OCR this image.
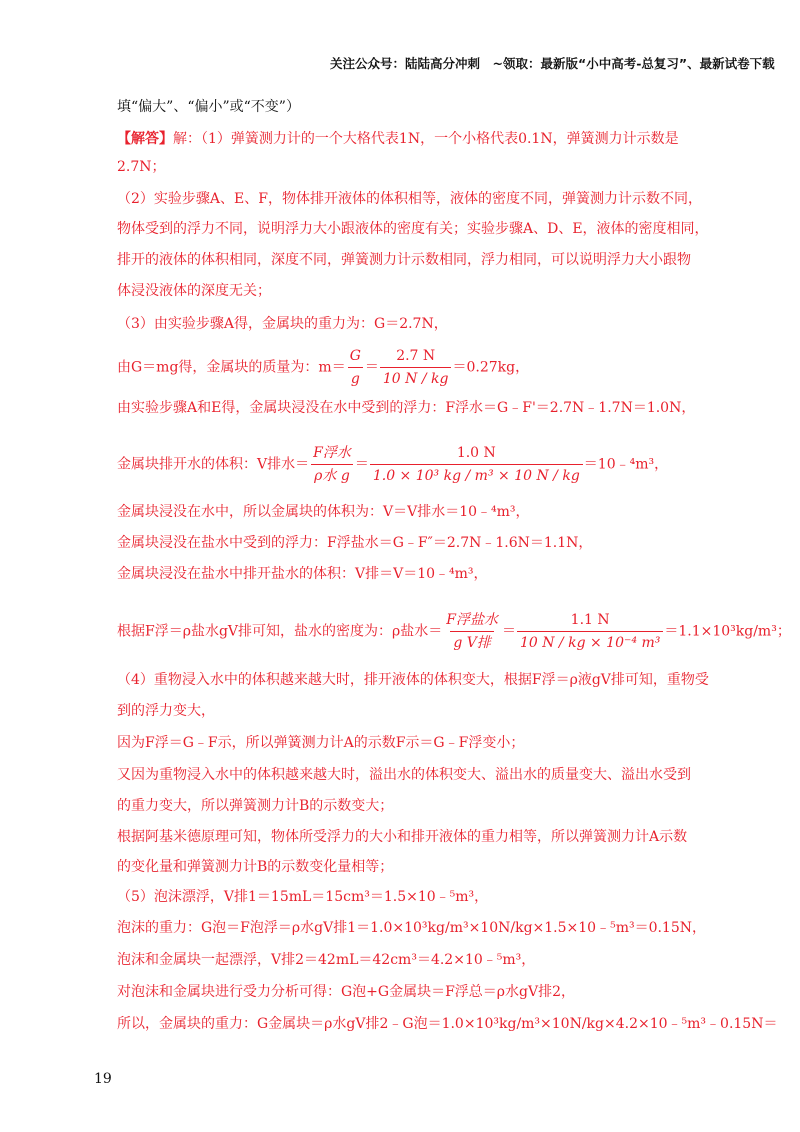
关注公众号：陆陆高分冲刺　~领取：最新版“小中高考-总复习”、最新试卷下载
填“偏大”、“偏小”或“不变”）
【解答】解：（1）弹簧测力计的一个大格代表1N，一个小格代表0.1N，弹簧测力计示数是
2.7N；
（2）实验步骤A、E、F，物体排开液体的体积相等，液体的密度不同，弹簧测力计示数不同，
物体受到的浮力不同，说明浮力大小跟液体的密度有关；实验步骤A、D、E，液体的密度相同，
排开的液体的体积相同，深度不同，弹簧测力计示数相同，浮力相同，可以说明浮力大小跟物
体浸没液体的深度无关；
（3）由实验步骤A得，金属块的重力为：G＝2.7N，
由G＝mg得，金属块的质量为：$m= \frac{G}{g} = \frac{2.7 N}{10 N / kg} =0.27kg$，
由实验步骤A和E得，金属块浸没在水中受到的浮力：F浮水＝G﹣F'＝2.7N﹣1.7N＝1.0N，
金属块排开水的体积：V排水＝ $\frac{\text{F浮水}}{\text{ρ水 g}} = \frac{1.0 N}{\text{1.0 × 10³ kg / m³ × 10 N / kg}}$ ＝10﹣⁴m³，
金属块浸没在水中，所以金属块的体积为：V＝V排水＝10﹣⁴m³，
金属块浸没在盐水中受到的浮力：F浮盐水＝G﹣F″＝2.7N﹣1.6N＝1.1N，
金属块浸没在盐水中排开盐水的体积：V排＝V＝10﹣⁴m³，
根据F浮＝ρ盐水gV排可知，盐水的密度为：ρ盐水＝ $\frac{\text{F浮盐水}}{\text{g V排}} = \frac{1.1 N}{\text{10 N / kg × 10⁻⁴ m³}} =1.1\times 10^3kg/m^3$；
（4）重物浸入水中的体积越来越大时，排开液体的体积变大，根据F浮＝ρ液gV排可知，重物受
到的浮力变大，
因为F浮＝G﹣F示，所以弹簧测力计A的示数F示＝G﹣F浮变小；
又因为重物浸入水中的体积越来越大时，溢出水的体积变大、溢出水的质量变大、溢出水受到
的重力变大，所以弹簧测力计B的示数变大；
根据阿基米德原理可知，物体所受浮力的大小和排开液体的重力相等，所以弹簧测力计A示数
的变化量和弹簧测力计B的示数变化量相等；
（5）泡沫漂浮，V排1＝15mL＝15cm³＝1.5×10﹣⁵m³，
泡沫的重力：G泡＝F泡浮＝ρ水gV排1＝1.0×10³kg/m³×10N/kg×1.5×10﹣⁵m³＝0.15N，
泡沫和金属块一起漂浮，V排2＝42mL＝42cm³＝4.2×10﹣⁵m³，
对泡沫和金属块进行受力分析可得：G泡+G金属块＝F浮总＝ρ水gV排2，
所以，金属块的重力：G金属块＝ρ水gV排2﹣G泡＝1.0×10³kg/m³×10N/kg×4.2×10﹣⁵m³﹣0.15N＝
19
